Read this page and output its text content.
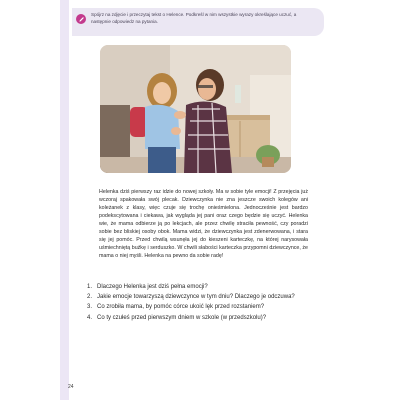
Spójrz na zdjęcie i przeczytaj tekst o Helence. Podkreśl w nim wszystkie wyrazy określające uczuć, a następnie odpowiedz na pytania.
Helenka dziś pierwszy raz idzie do nowej szkoły. Ma w sobie tyle emocji! Z przejęcia już wczoraj spakowała swój plecak. Dziewczynka nie zna jeszcze swoich kolegów ani koleżanek z klasy, więc czuje się trochę onieśmielona. Jednocześnie jest bardzo podekscytowana i ciekawa, jak wygląda jej pani oraz czego będzie się uczyć. Helenka wie, że mama odbierze ją po lekcjach, ale przez chwilę straciła pewność, czy poradzi sobie bez bliskiej osoby obok. Mama widzi, że dziewczynka jest zdenerwowana, i stara się jej pomóc. Przed chwilą wsunęła jej do kieszeni karteczkę, na której narysowała uśmiechniętą buźkę i serduszko. W chwili słabości karteczka przypomni dziewczynce, że mama o niej myśli. Helenka na pewno da sobie radę!
1. Dlaczego Helenka jest dziś pełna emocji?
2. Jakie emocje towarzyszą dziewczynce w tym dniu? Dlaczego je odczuwa?
3. Co zrobiła mama, by pomóc córce ukoić lęk przed rozstaniem?
4. Co ty czułeś przed pierwszym dniem w szkole (w przedszkolu)?
24
